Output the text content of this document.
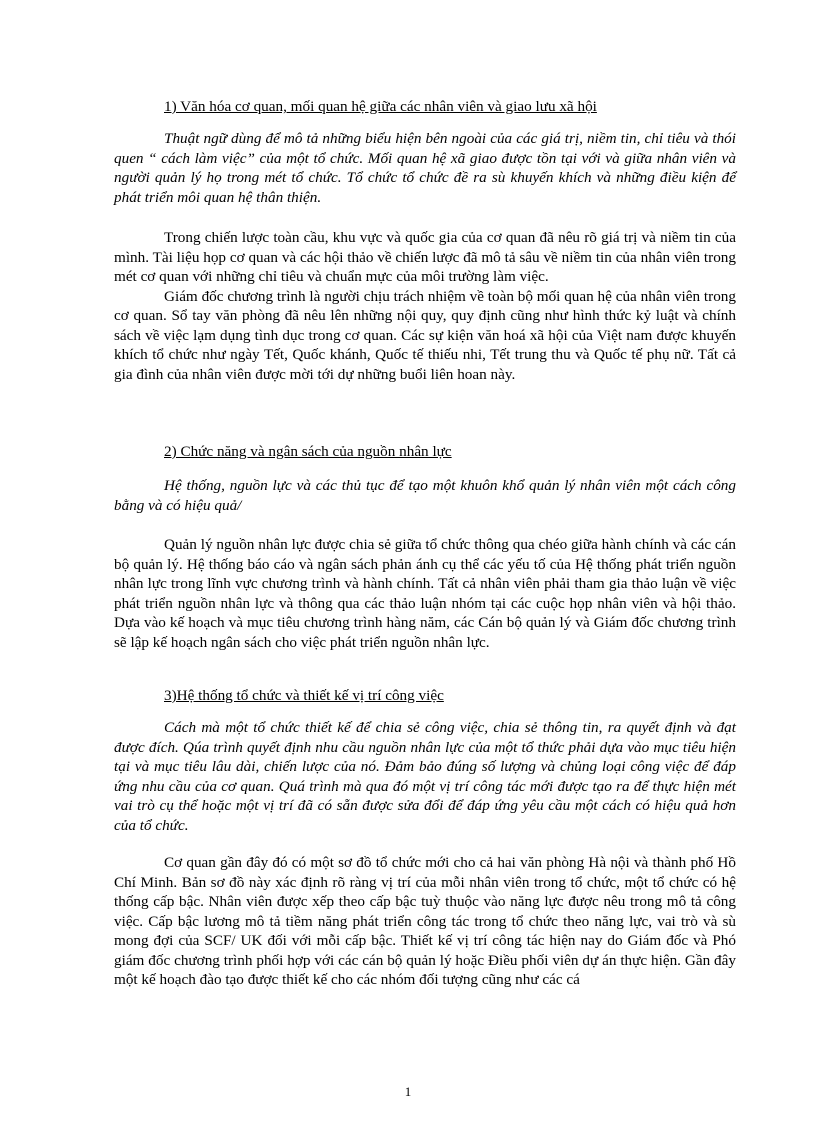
1) Văn hóa cơ quan, mối quan hệ giữa các nhân viên và giao lưu xã hội

Thuật ngữ dùng để mô tả những biểu hiện bên ngoài của các giá trị, niềm tin, chỉ tiêu và thói quen “ cách làm việc” của một tổ chức. Mối quan hệ xã giao được tồn tại với và giữa nhân viên và người quản lý họ trong mét tổ chức. Tổ chức tổ chức đề ra sù khuyến khích và những điều kiện để phát triển môi quan hệ thân thiện.

Trong chiến lược toàn cầu, khu vực và quốc gia của cơ quan đã nêu rõ giá trị và niềm tin của mình. Tài liệu họp cơ quan và các hội thảo về chiến lược đã mô tả sâu về niềm tin của nhân viên trong mét cơ quan với những chỉ tiêu và chuẩn mực của môi trường làm việc.

Giám đốc chương trình là người chịu trách nhiệm về toàn bộ mối quan hệ của nhân viên trong cơ quan. Sổ tay văn phòng đã nêu lên những nội quy, quy định cũng như hình thức kỷ luật và chính sách về việc lạm dụng tình dục trong cơ quan. Các sự kiện văn hoá xã hội của Việt nam được khuyến khích tổ chức như ngày Tết, Quốc khánh, Quốc tế thiếu nhi, Tết trung thu và Quốc tế phụ nữ. Tất cả gia đình của nhân viên được mời tới dự những buổi liên hoan này.

2) Chức năng và ngân sách của nguồn nhân lực

Hệ thống, nguồn lực và các thủ tục để tạo một khuôn khổ quản lý nhân viên một cách công bằng và có hiệu quả/

Quản lý nguồn nhân lực được chia sẻ giữa tổ chức thông qua chéo giữa hành chính và các cán bộ quản lý. Hệ thống báo cáo và ngân sách phản ánh cụ thể các yếu tố của Hệ thống phát triển nguồn nhân lực trong lĩnh vực chương trình và hành chính. Tất cả nhân viên phải tham gia thảo luận về việc phát triển nguồn nhân lực và thông qua các thảo luận nhóm tại các cuộc họp nhân viên và hội thảo. Dựa vào kế hoạch và mục tiêu chương trình hàng năm, các Cán bộ quản lý và Giám đốc chương trình sẽ lập kế hoạch ngân sách cho việc phát triển nguồn nhân lực.

3)Hệ thống tổ chức và thiết kế vị trí công việc

Cách mà một tổ chức thiết kế để chia sẻ công việc, chia sẻ thông tin, ra quyết định và đạt được đích. Qúa trình quyết định nhu cầu nguồn nhân lực của một tổ thức phải dựa vào mục tiêu hiện tại và mục tiêu lâu dài, chiến lược của nó. Đảm bảo đúng số lượng và chủng loại công việc để đáp ứng nhu cầu của cơ quan. Quá trình mà qua đó một vị trí công tác mới được tạo ra để thực hiện mét vai trò cụ thể hoặc một vị trí đã có sẵn được sửa đổi để đáp ứng yêu cầu một cách có hiệu quả hơn của tổ chức.

Cơ quan gần đây đó có một sơ đồ tổ chức mới cho cả hai văn phòng Hà nội và thành phố Hồ Chí Minh. Bản sơ đồ này xác định rõ ràng vị trí của mỗi nhân viên trong tổ chức, một tổ chức có hệ thống cấp bậc. Nhân viên được xếp theo cấp bậc tuỳ thuộc vào năng lực được nêu trong mô tả công việc. Cấp bậc lương mô tả tiềm năng phát triển công tác trong tổ chức theo năng lực, vai trò và sù mong đợi của SCF/ UK đối với mỗi cấp bậc. Thiết kế vị trí công tác hiện nay do Giám đốc và Phó giám đốc chương trình phối hợp với các cán bộ quản lý hoặc Điều phối viên dự án thực hiện. Gần đây một kế hoạch đào tạo được thiết kế cho các nhóm đối tượng cũng như các cá

1
